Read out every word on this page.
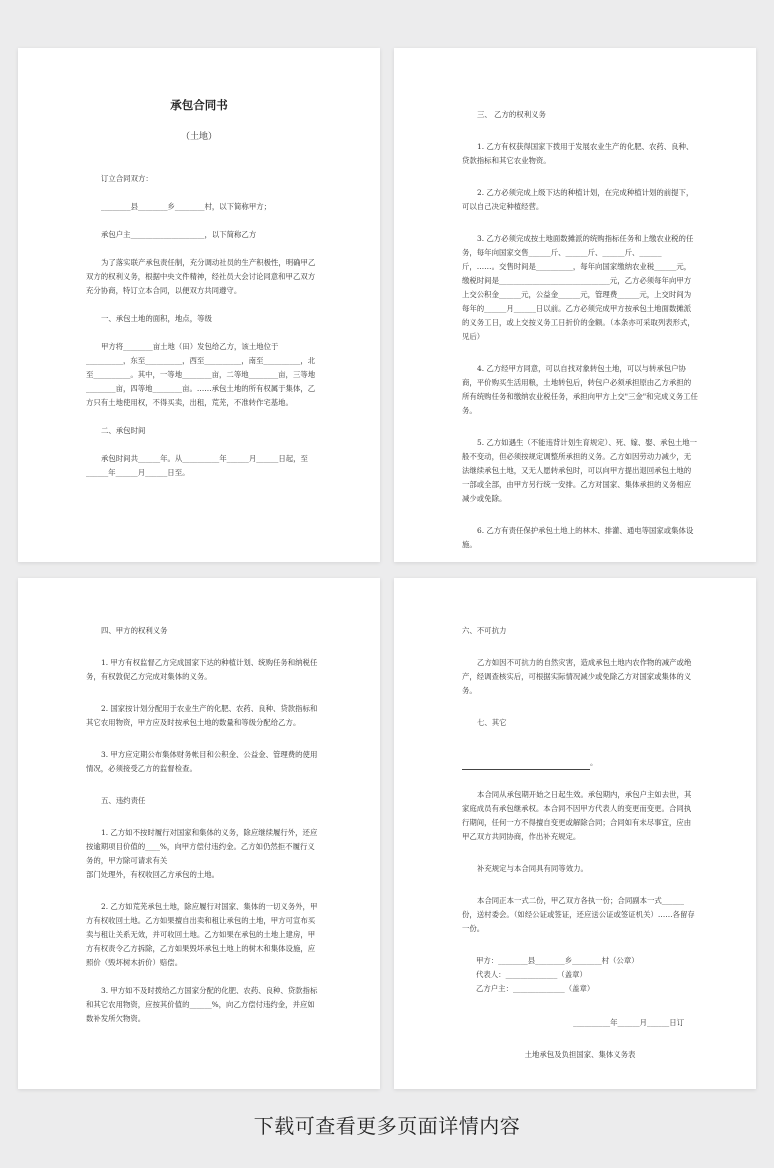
承包合同书
（土地）

订立合同双方：

________县________乡________村，以下简称甲方；

承包户主____________________，以下简称乙方

为了落实联产承包责任制，充分调动社员的生产积极性，明确甲乙双方的权利义务，根据中央文件精神，经社员大会讨论同意和甲乙双方充分协商，特订立本合同，以便双方共同遵守。

一、承包土地的面积，地点，等级

甲方将________亩土地（田）发包给乙方，该土地位于__________，东至__________，西至__________，南至__________，北至__________。其中，一等地________亩，二等地________亩，三等地________亩，四等地________亩。……承包土地的所有权属于集体，乙方只有土地使用权，不得买卖，出租，荒芜，不准转作宅基地。

二、承包时间

承包时间共______年。从__________年______月______日起，至______年______月______日至。

三、 乙方的权利义务

1. 乙方有权获得国家下拨用于发展农业生产的化肥、农药、良种、贷款指标和其它农业物资。

2. 乙方必须完成上级下达的种植计划，在完成种植计划的前提下，可以自己决定种植经营。

3. 乙方必须完成按土地面数摊派的统购指标任务和上缴农业税的任务，每年向国家交售______斤、______斤、______斤、______斤，……。交售时间是__________，每年向国家缴纳农业税______元，缴税时间是______________________________元，乙方必须每年向甲方上交公积金______元，公益金______元，管理费______元，上交时间为每年的______月______日以前。乙方必须完成甲方按承包土地面数摊派的义务工日，或上交按义务工日折价的金额。（本条亦可采取列表形式，见后）

4. 乙方经甲方同意，可以自找对象转包土地，可以与转承包户协商，平价购买生活用粮，土地转包后，转包户必须承担原由乙方承担的所有统购任务和缴纳农业税任务，承担向甲方上交"三金"和完成义务工任务。

5. 乙方如遇生（不能违背计划生育规定）、死、嫁、娶、承包土地一般不变动，但必须按规定调整所承担的义务。乙方如因劳动力减少，无法继续承包土地，又无人愿转承包时，可以向甲方提出退回承包土地的一部或全部，由甲方另行统一安排。乙方对国家、集体承担的义务相应减少或免除。

6. 乙方有责任保护承包土地上的林木、排灌、通电等国家或集体设施。

四、甲方的权利义务

1. 甲方有权监督乙方完成国家下达的种植计划、统购任务和纳税任务，有权敦促乙方完成对集体的义务。

2. 国家按计划分配用于农业生产的化肥、农药、良种、贷款指标和其它农用物资，甲方应及时按承包土地的数量和等级分配给乙方。

3. 甲方应定期公布集体财务帐目和公积金、公益金、管理费的使用情况，必须接受乙方的监督检查。

五、违约责任

1. 乙方如不按时履行对国家和集体的义务，除应继续履行外，还应按逾期项目价值的____%，向甲方偿付违约金。乙方如仍然拒不履行义务的，甲方除可请求有关

部门处理外，有权收回乙方承包的土地。

2. 乙方如荒芜承包土地，除应履行对国家、集体的一切义务外，甲方有权收回土地。乙方如果擅自出卖和租让承包的土地，甲方可宣布买卖与租让关系无效，并可收回土地。乙方如果在承包的土地上建房，甲方有权责令乙方拆除，乙方如果毁坏承包土地上的树木和集体设施，应照价（毁坏树木折价）赔偿。

3. 甲方如不及时拨给乙方国家分配的化肥、农药、良种、贷款指标和其它农用物资，应按其价值的______%，向乙方偿付违约金，并应如数补发所欠物资。

六、不可抗力

乙方如因不可抗力的自然灾害，造成承包土地内农作物的减产或绝产，经调查核实后，可根据实际情况减少或免除乙方对国家或集体的义务。

七、其它

。

本合同从承包期开始之日起生效。承包期内，承包户主如去世，其家庭成员有承包继承权。本合同不因甲方代表人的变更而变更。合同执行期间，任何一方不得擅自变更或解除合同；合同如有未尽事宜，应由甲乙双方共同协商，作出补充规定。

补充规定与本合同具有同等效力。

本合同正本一式二份，甲乙双方各执一份；合同副本一式______份，送村委会。（如经公证或签证，还应送公证或签证机关）……各留存一份。

甲方：________县________乡________村（公章）

代表人：______________（盖章）

乙方户主：______________（盖章）

__________年______月______日订

土地承包及负担国家、集体义务表

下载可查看更多页面详情内容
